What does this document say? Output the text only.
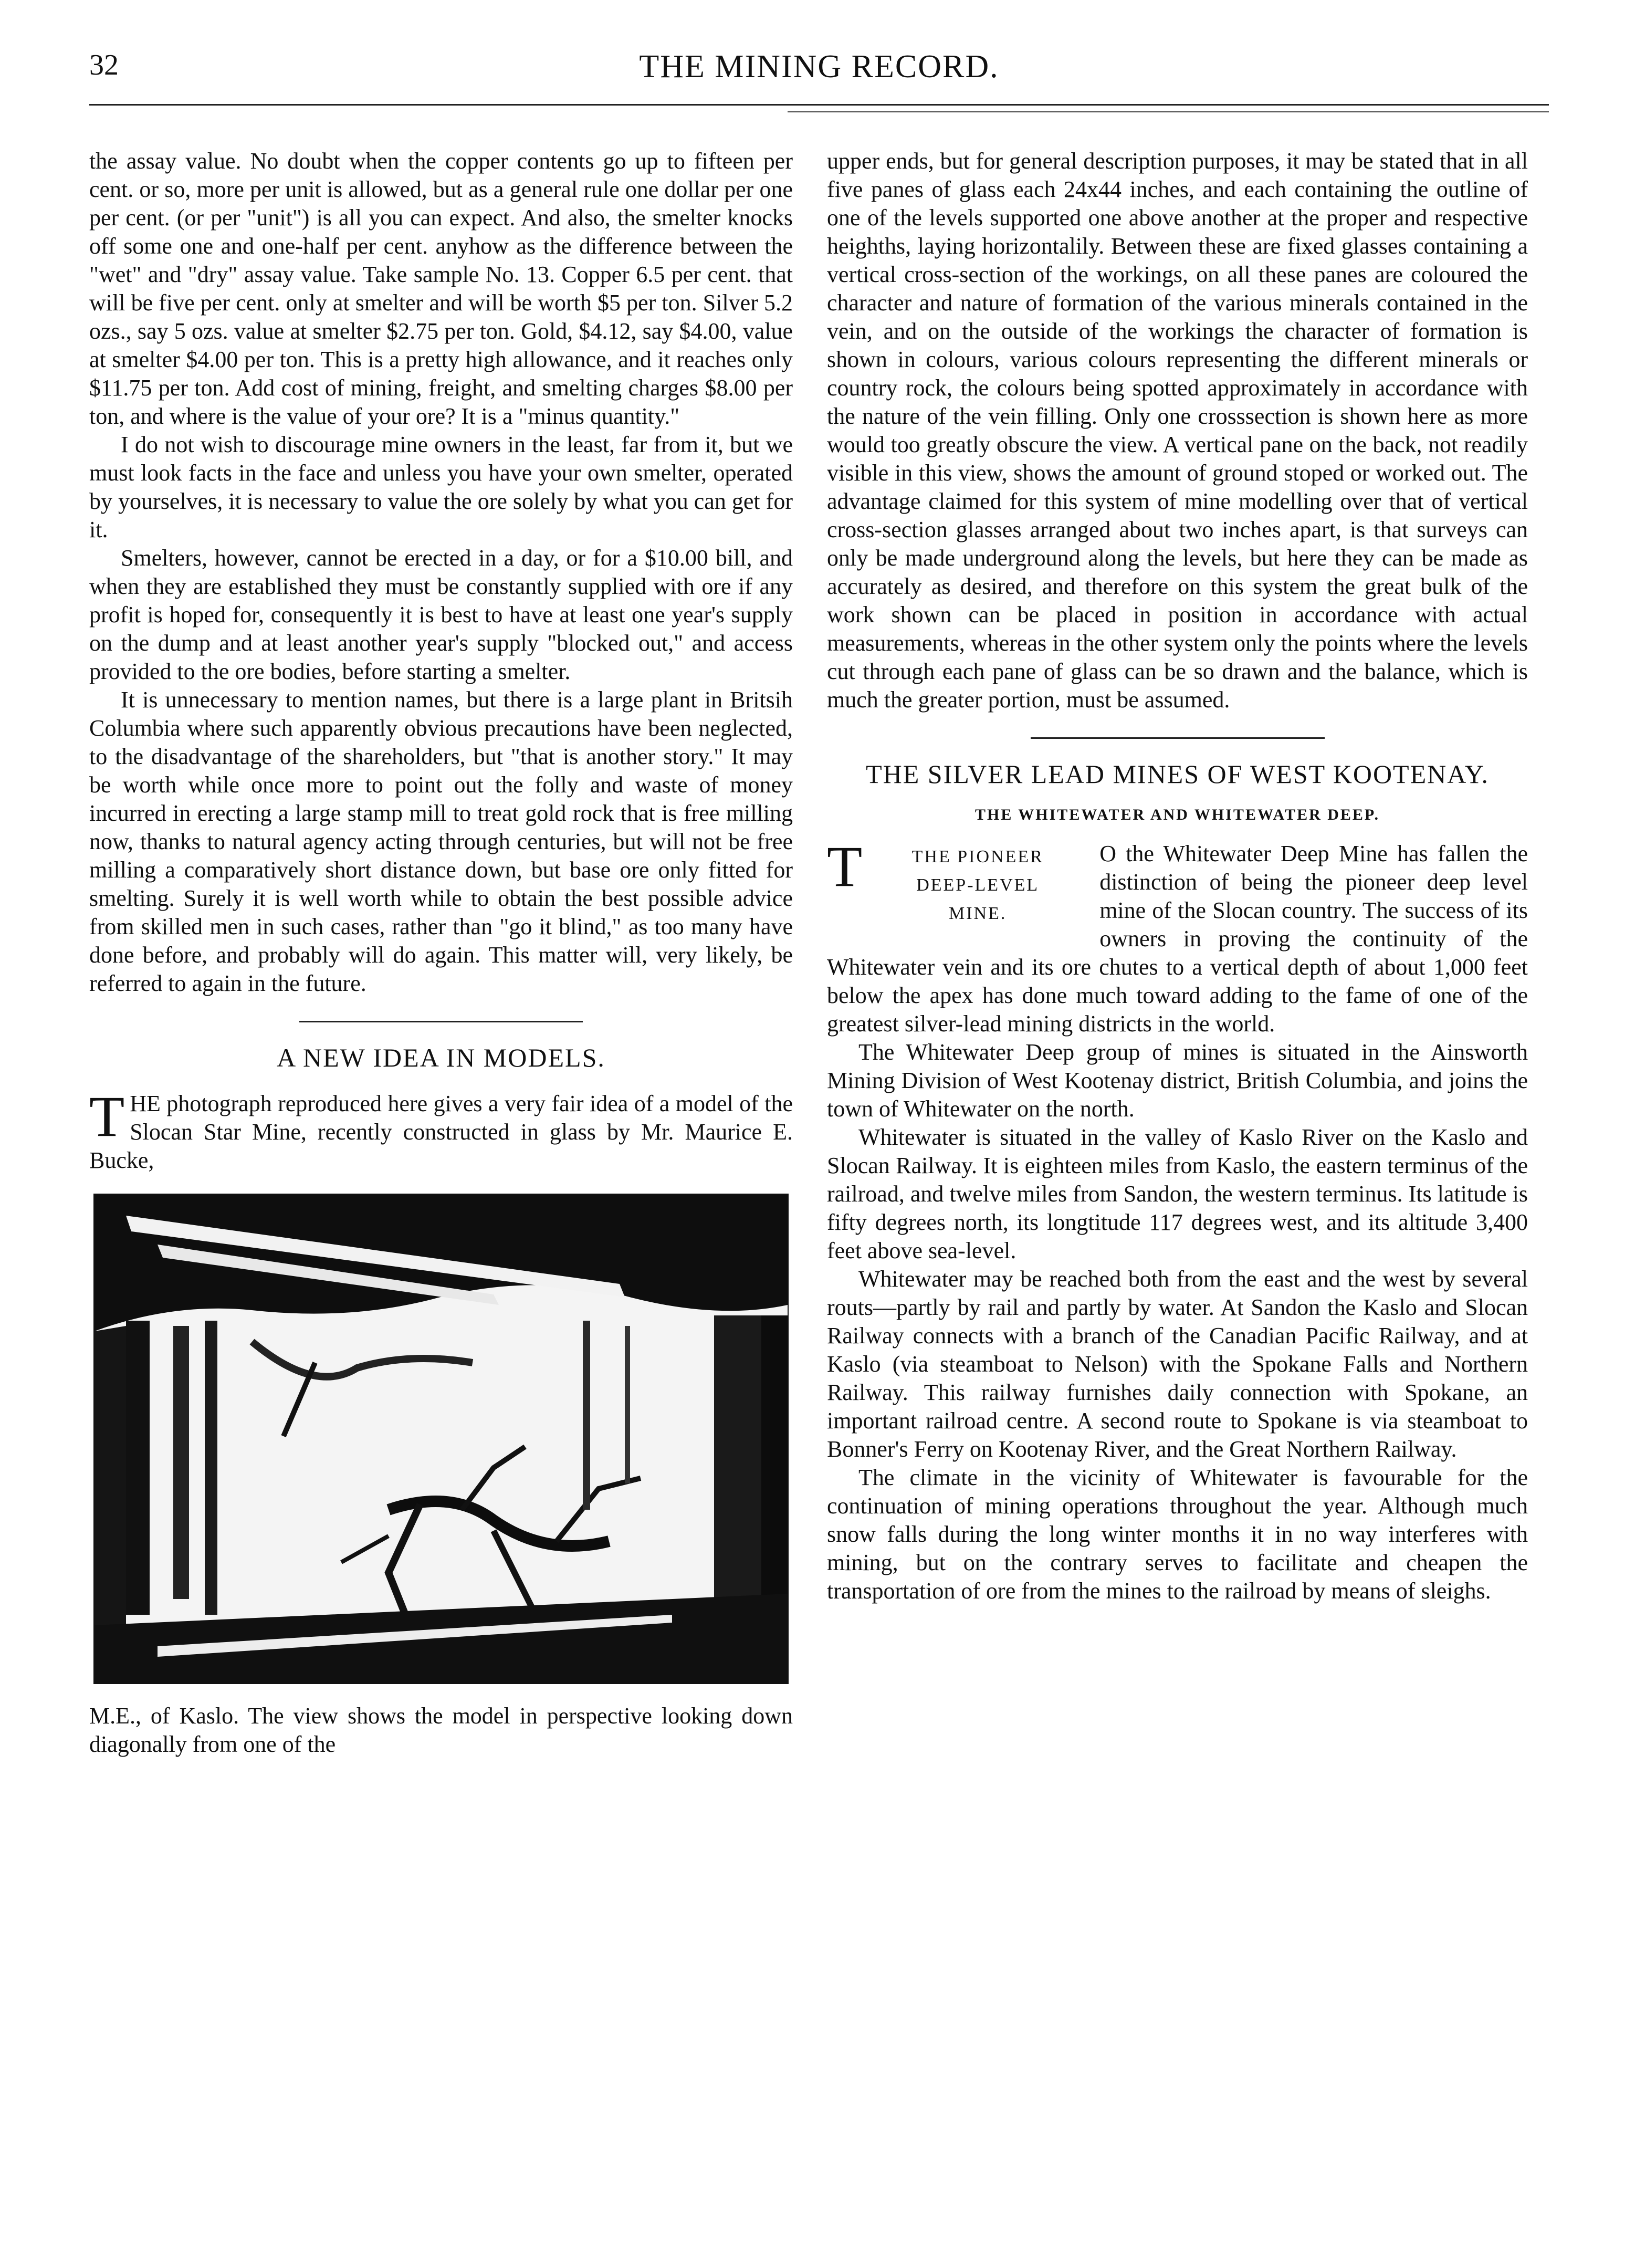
32	THE MINING RECORD.

the assay value. No doubt when the copper contents go up to fifteen per cent. or so, more per unit is allowed, but as a general rule one dollar per one per cent. (or per "unit") is all you can expect. And also, the smelter knocks off some one and one-half per cent. anyhow as the difference between the "wet" and "dry" assay value. Take sample No. 13. Copper 6.5 per cent. that will be five per cent. only at smelter and will be worth $5 per ton. Silver 5.2 ozs., say 5 ozs. value at smelter $2.75 per ton. Gold, $4.12, say $4.00, value at smelter $4.00 per ton. This is a pretty high allowance, and it reaches only $11.75 per ton. Add cost of mining, freight, and smelting charges $8.00 per ton, and where is the value of your ore? It is a "minus quantity."

I do not wish to discourage mine owners in the least, far from it, but we must look facts in the face and unless you have your own smelter, operated by yourselves, it is necessary to value the ore solely by what you can get for it.

Smelters, however, cannot be erected in a day, or for a $10.00 bill, and when they are established they must be constantly supplied with ore if any profit is hoped for, consequently it is best to have at least one year's supply on the dump and at least another year's supply "blocked out," and access provided to the ore bodies, before starting a smelter.

It is unnecessary to mention names, but there is a large plant in Britsih Columbia where such apparently obvious precautions have been neglected, to the disadvantage of the shareholders, but "that is another story." It may be worth while once more to point out the folly and waste of money incurred in erecting a large stamp mill to treat gold rock that is free milling now, thanks to natural agency acting through centuries, but will not be free milling a comparatively short distance down, but base ore only fitted for smelting. Surely it is well worth while to obtain the best possible advice from skilled men in such cases, rather than "go it blind," as too many have done before, and probably will do again. This matter will, very likely, be referred to again in the future.

A NEW IDEA IN MODELS.

THE photograph reproduced here gives a very fair idea of a model of the Slocan Star Mine, recently constructed in glass by Mr. Maurice E. Bucke,

M.E., of Kaslo. The view shows the model in perspective looking down diagonally from one of the

upper ends, but for general description purposes, it may be stated that in all five panes of glass each 24x44 inches, and each containing the outline of one of the levels supported one above another at the proper and respective heighths, laying horizontalily. Between these are fixed glasses containing a vertical cross-section of the workings, on all these panes are coloured the character and nature of formation of the various minerals contained in the vein, and on the outside of the workings the character of formation is shown in colours, various colours representing the different minerals or country rock, the colours being spotted approximately in accordance with the nature of the vein filling. Only one crosssection is shown here as more would too greatly obscure the view. A vertical pane on the back, not readily visible in this view, shows the amount of ground stoped or worked out. The advantage claimed for this system of mine modelling over that of vertical cross-section glasses arranged about two inches apart, is that surveys can only be made underground along the levels, but here they can be made as accurately as desired, and therefore on this system the great bulk of the work shown can be placed in position in accordance with actual measurements, whereas in the other system only the points where the levels cut through each pane of glass can be so drawn and the balance, which is much the greater portion, must be assumed.

THE SILVER LEAD MINES OF WEST KOOTENAY.
THE WHITEWATER AND WHITEWATER DEEP.

T	THE PIONEER
DEEP-LEVEL
MINE.
O the Whitewater Deep Mine has fallen the distinction of being the pioneer deep level mine of the Slocan country. The success of its owners in proving the continuity of the Whitewater vein and its ore chutes to a vertical depth of about 1,000 feet below the apex has done much toward adding to the fame of one of the greatest silver-lead mining districts in the world.

The Whitewater Deep group of mines is situated in the Ainsworth Mining Division of West Kootenay district, British Columbia, and joins the town of Whitewater on the north.

Whitewater is situated in the valley of Kaslo River on the Kaslo and Slocan Railway. It is eighteen miles from Kaslo, the eastern terminus of the railroad, and twelve miles from Sandon, the western terminus. Its latitude is fifty degrees north, its longtitude 117 degrees west, and its altitude 3,400 feet above sea-level.

Whitewater may be reached both from the east and the west by several routs—partly by rail and partly by water. At Sandon the Kaslo and Slocan Railway connects with a branch of the Canadian Pacific Railway, and at Kaslo (via steamboat to Nelson) with the Spokane Falls and Northern Railway. This railway furnishes daily connection with Spokane, an important railroad centre. A second route to Spokane is via steamboat to Bonner's Ferry on Kootenay River, and the Great Northern Railway.

The climate in the vicinity of Whitewater is favourable for the continuation of mining operations throughout the year. Although much snow falls during the long winter months it in no way interferes with mining, but on the contrary serves to facilitate and cheapen the transportation of ore from the mines to the railroad by means of sleighs.
